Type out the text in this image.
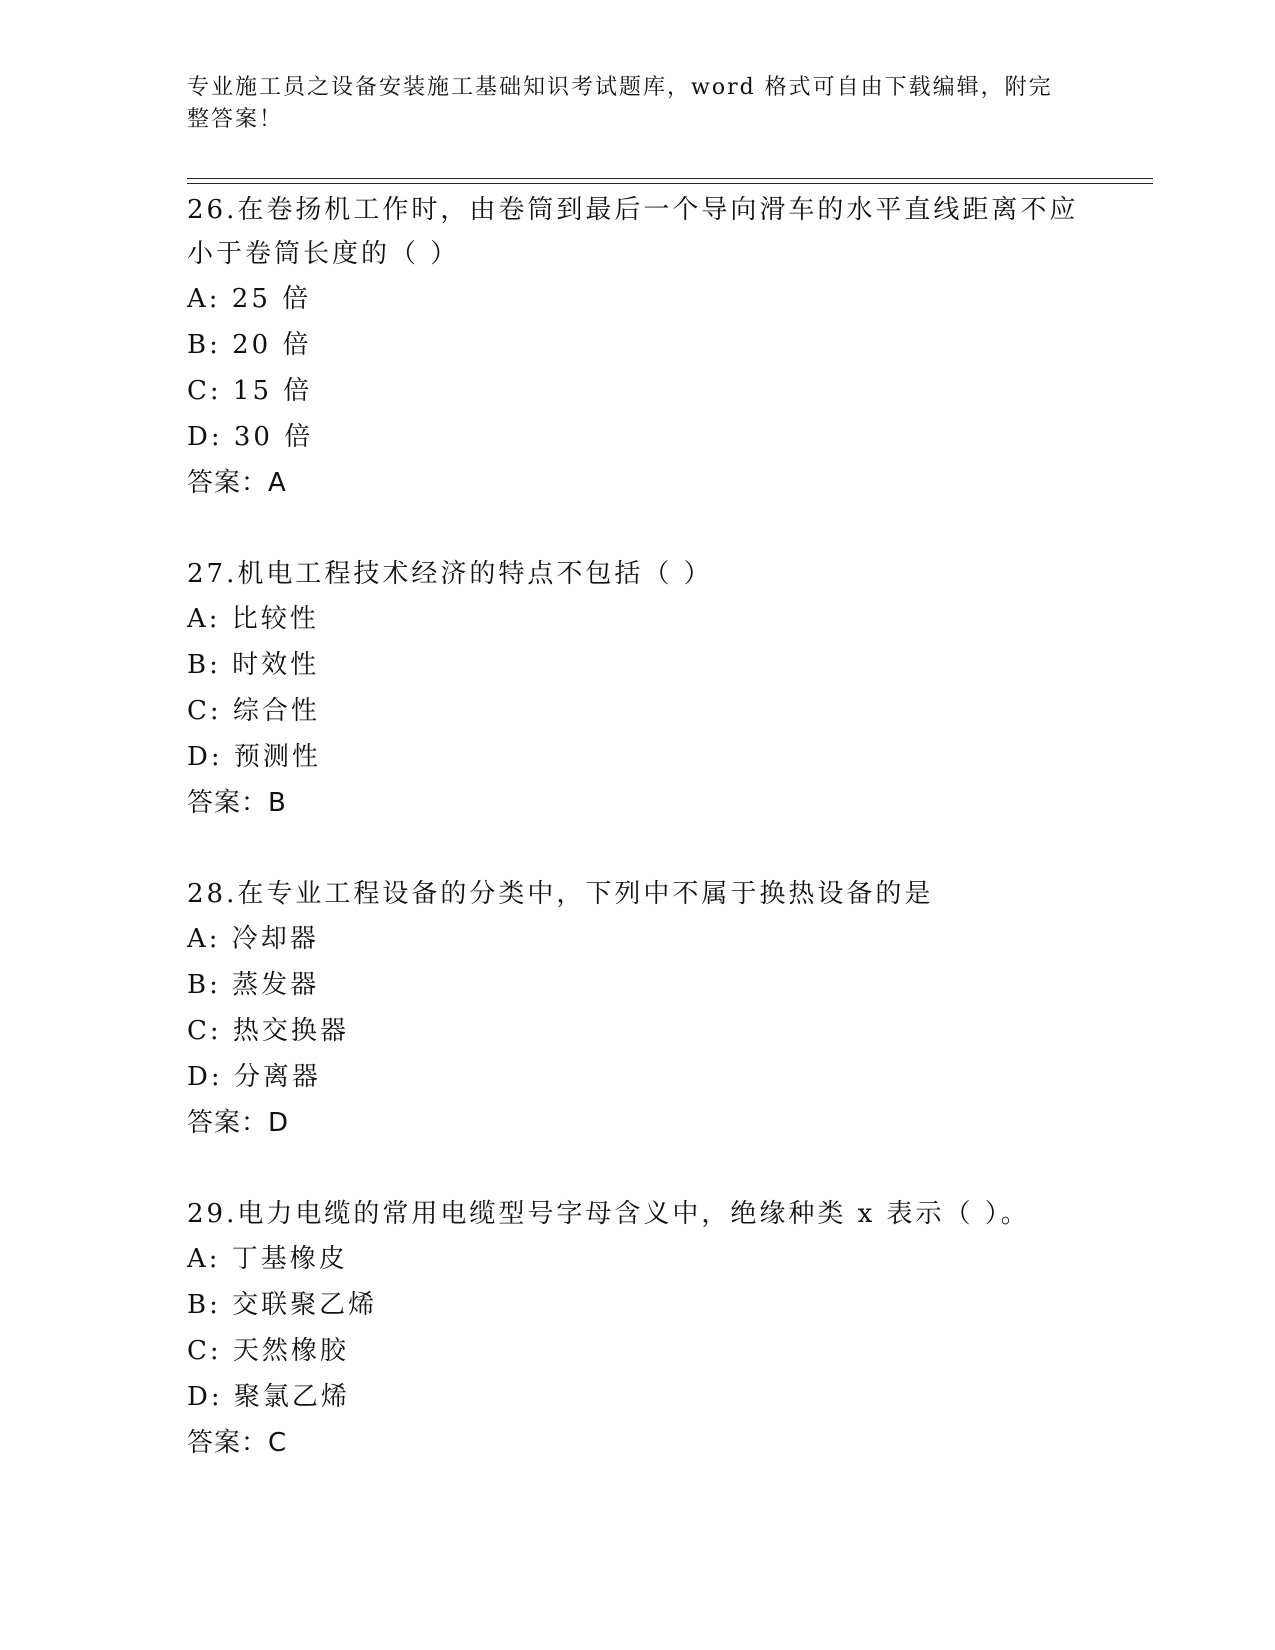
专业施工员之设备安装施工基础知识考试题库，word 格式可自由下载编辑，附完整答案！
26.在卷扬机工作时，由卷筒到最后一个导向滑车的水平直线距离不应小于卷筒长度的（ ）
A: 25 倍
B: 20 倍
C: 15 倍
D: 30 倍
答案：A
27.机电工程技术经济的特点不包括（ ）
A: 比较性
B: 时效性
C: 综合性
D: 预测性
答案：B
28.在专业工程设备的分类中，下列中不属于换热设备的是
A: 冷却器
B: 蒸发器
C: 热交换器
D: 分离器
答案：D
29.电力电缆的常用电缆型号字母含义中，绝缘种类 x 表示（ ）。
A: 丁基橡皮
B: 交联聚乙烯
C: 天然橡胶
D: 聚氯乙烯
答案：C
